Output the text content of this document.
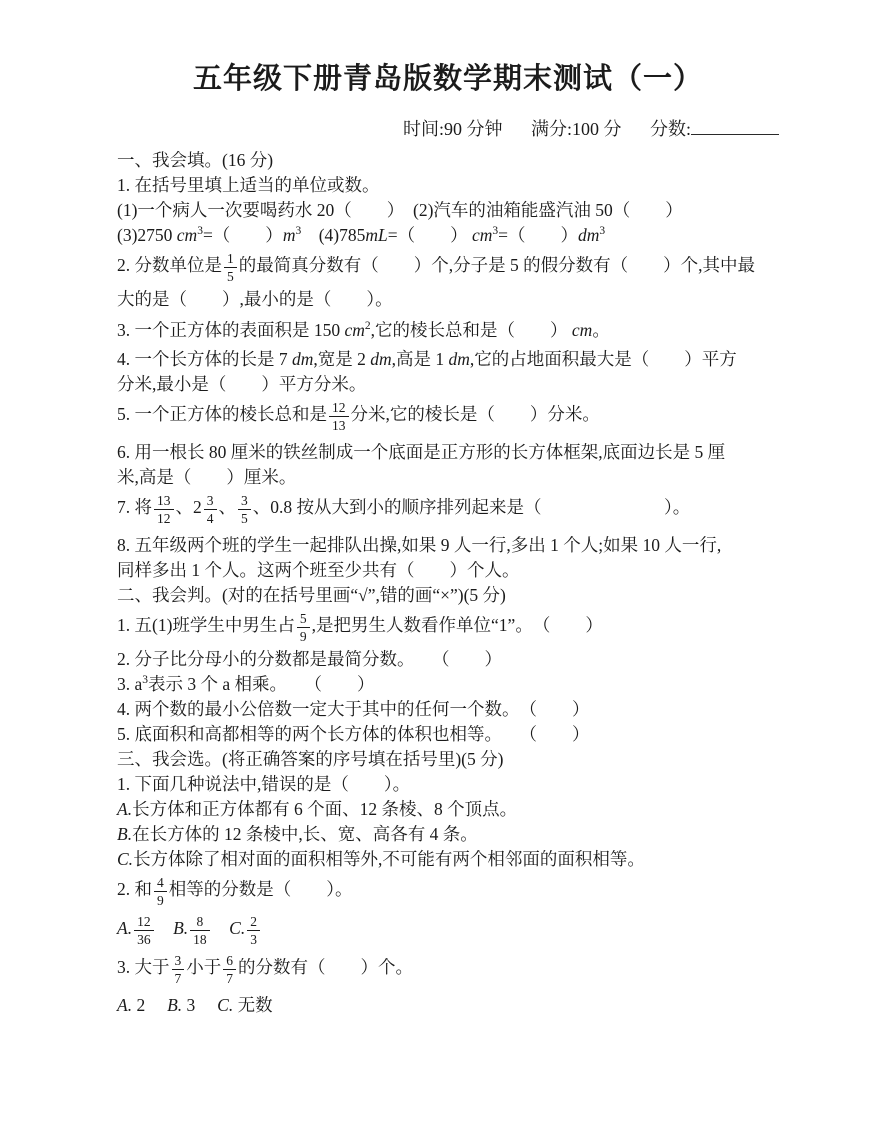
五年级下册青岛版数学期末测试（一）
时间:90 分钟 满分:100 分 分数:
一、我会填。(16 分)
1. 在括号里填上适当的单位或数。
(1)一个病人一次要喝药水 20（　　）　(2)汽车的油箱能盛汽油 50（　　）
(3)2750 $cm^3=$（　　）$m^3$　(4)785mL=（　　） $cm^3=$（　　）$dm^3$
2. 分数单位是 $\frac{1}{5}$ 的最简真分数有（　　）个,分子是 5 的假分数有（　　）个,其中最
大的是（　　）,最小的是（　　）。
3. 一个正方体的表面积是 150 $cm^2$,它的棱长总和是（　　） cm。
4. 一个长方体的长是 7 dm,宽是 2 dm,高是 1 dm,它的占地面积最大是（　　）平方
分米,最小是（　　）平方分米。
5. 一个正方体的棱长总和是 $\frac{12}{13}$ 分米,它的棱长是（　　）分米。
6. 用一根长 80 厘米的铁丝制成一个底面是正方形的长方体框架,底面边长是 5 厘
米,高是（　　）厘米。
7. 将 $\frac{13}{12}$ 、$2 \frac{3}{4}$ 、 $\frac{3}{5}$ 、0.8 按从大到小的顺序排列起来是（　　　　　　　）。
8. 五年级两个班的学生一起排队出操,如果 9 人一行,多出 1 个人;如果 10 人一行,
同样多出 1 个人。这两个班至少共有（　　）个人。
二、我会判。(对的在括号里画“√”,错的画“×”)(5 分)
1. 五(1)班学生中男生占 $\frac{5}{9}$ ,是把男生人数看作单位“1”。　（　　）
2. 分子比分母小的分数都是最简分数。　　（　　）
3. $a^3$表示 3 个 a 相乘。　　（　　）
4. 两个数的最小公倍数一定大于其中的任何一个数。　（　　）
5. 底面积和高都相等的两个长方体的体积也相等。　　（　　）
三、我会选。(将正确答案的序号填在括号里)(5 分)
1. 下面几种说法中,错误的是（　　）。
A.长方体和正方体都有 6 个面、12 条棱、8 个顶点。
B.在长方体的 12 条棱中,长、宽、高各有 4 条。
C.长方体除了相对面的面积相等外,不可能有两个相邻面的面积相等。
2. 和 $\frac{4}{9}$ 相等的分数是（　　）。
A. $\frac{12}{36}$
　 B. $\frac{8}{18}$
　 C. $\frac{2}{3}$
3. 大于 $\frac{3}{7}$ 小于 $\frac{6}{7}$ 的分数有（　　）个。
A. 2　 B. 3　 C. 无数
